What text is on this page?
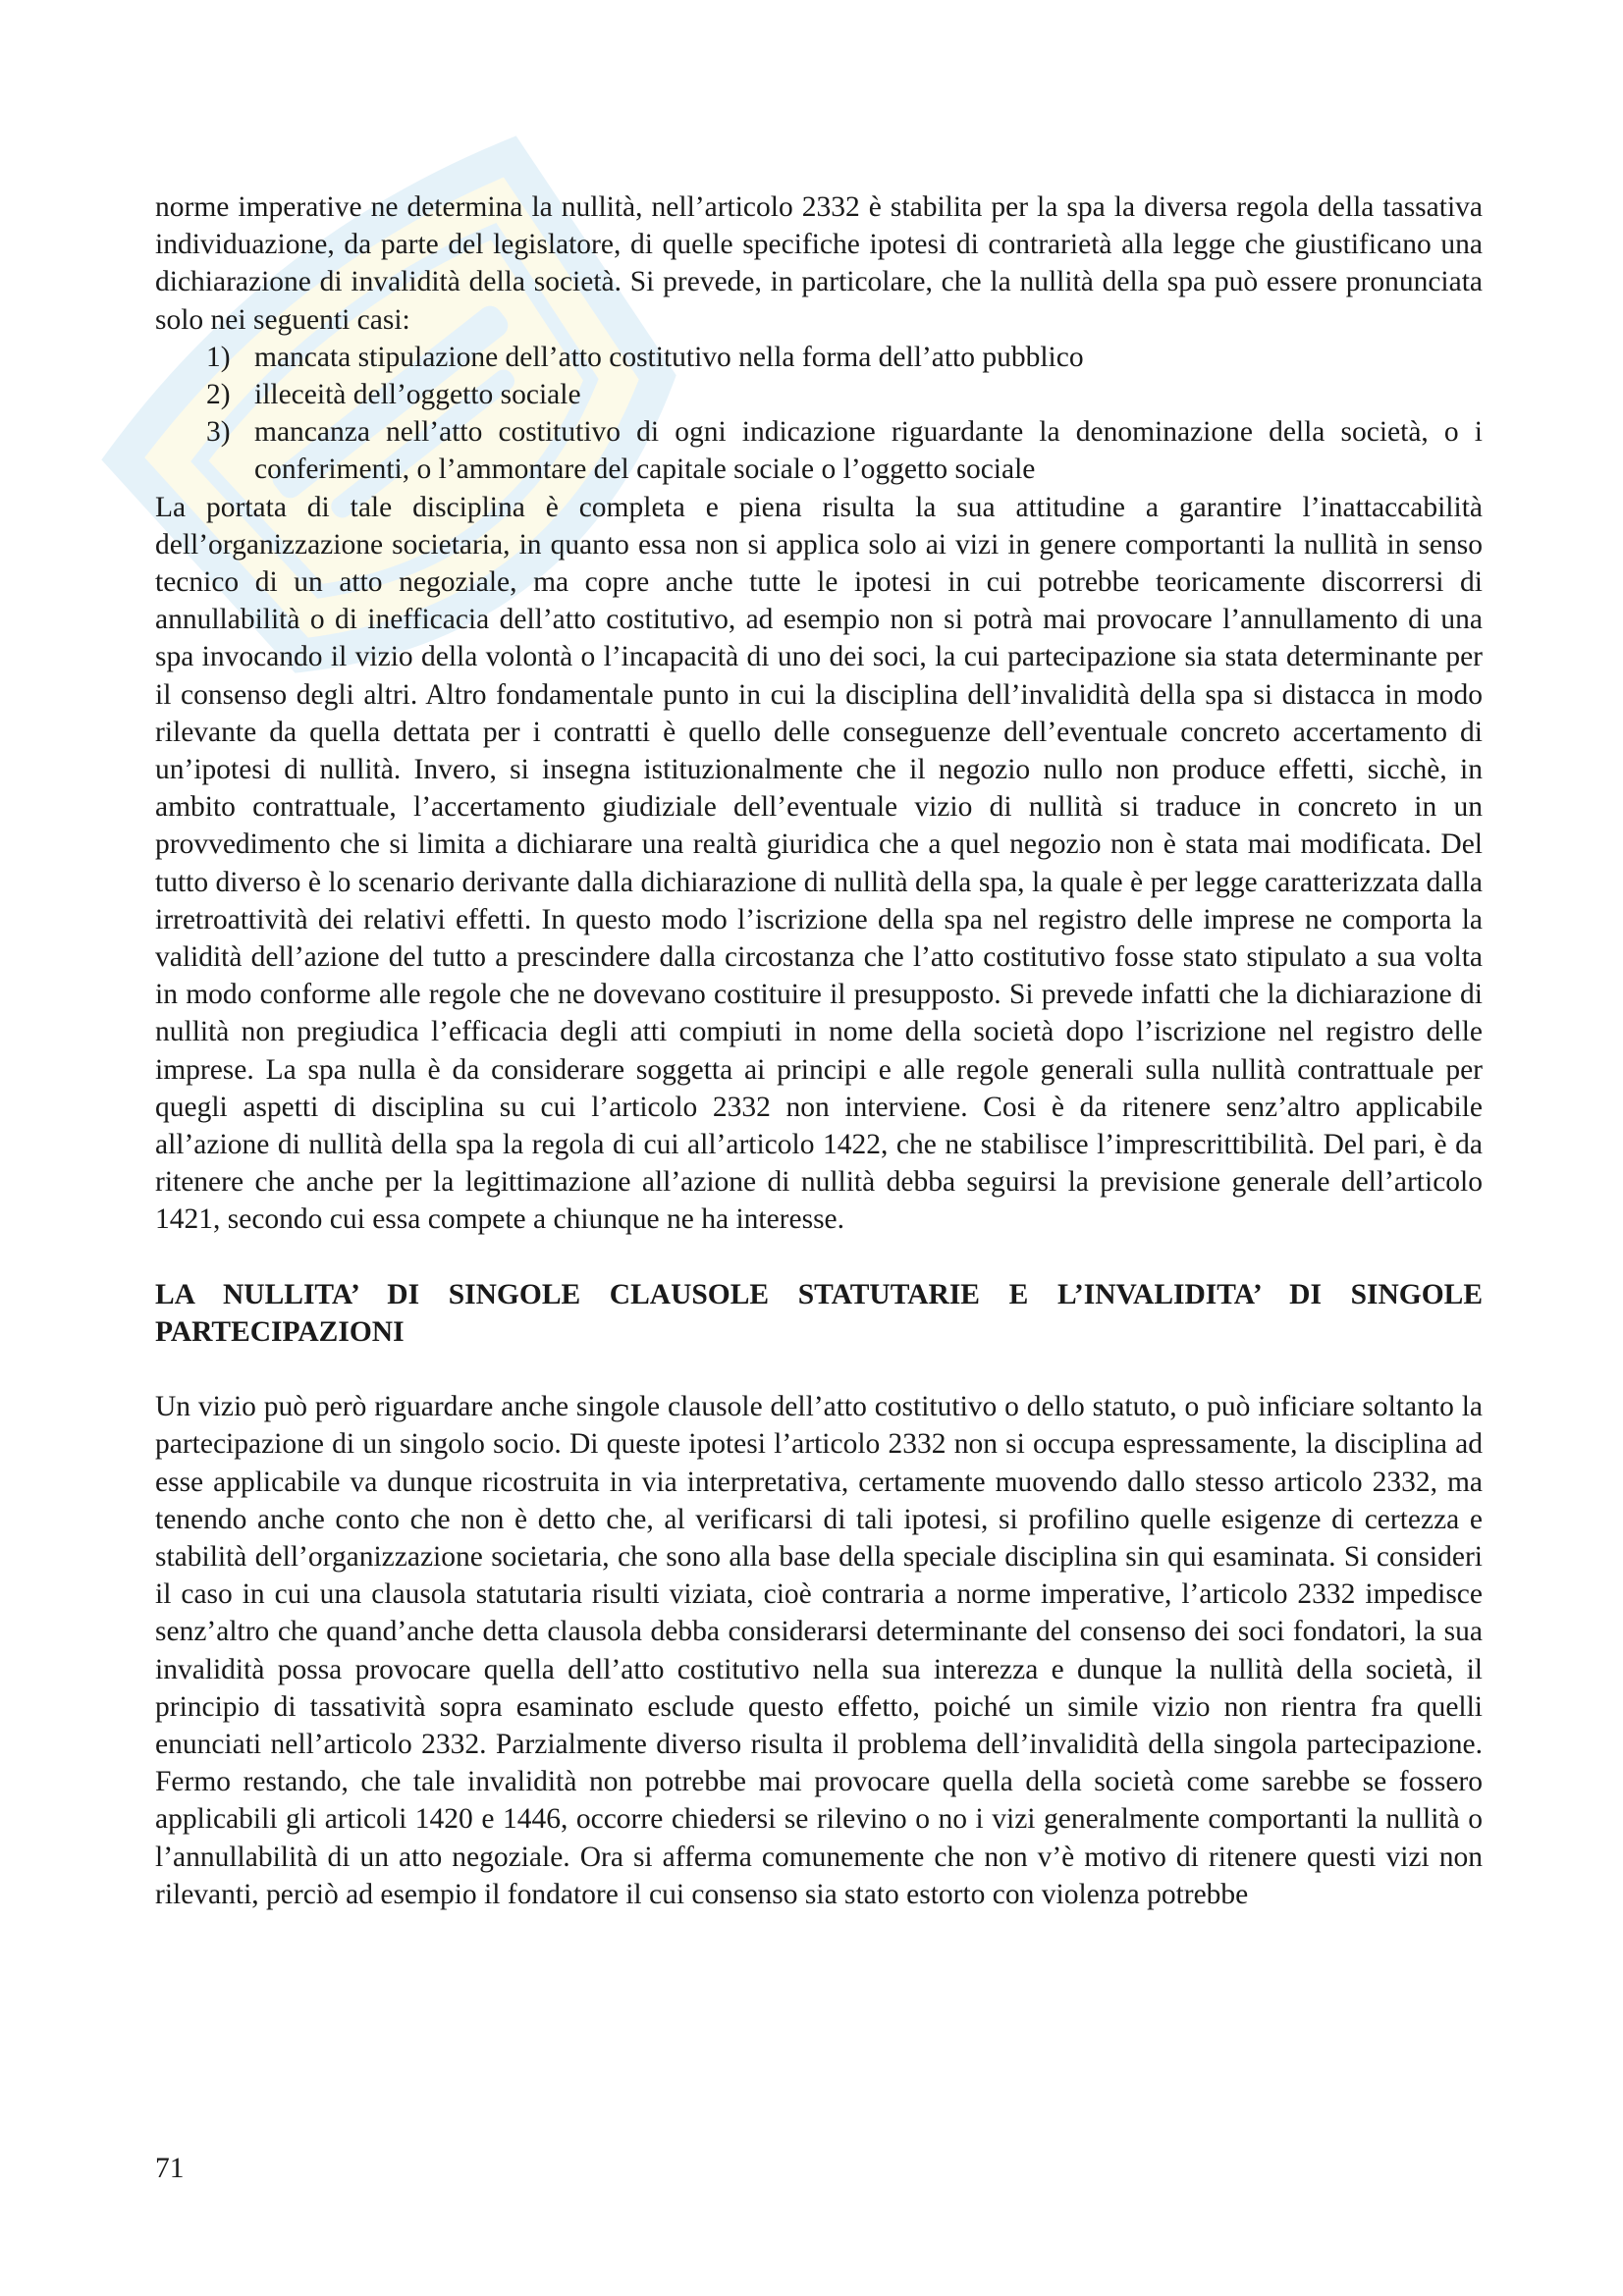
norme imperative ne determina la nullità, nell’articolo 2332 è stabilita per la spa la diversa regola della tassativa individuazione, da parte del legislatore, di quelle specifiche ipotesi di contrarietà alla legge che giustificano una dichiarazione di invalidità della società. Si prevede, in particolare, che la nullità della spa può essere pronunciata solo nei seguenti casi:

1) mancata stipulazione dell’atto costitutivo nella forma dell’atto pubblico
2) illeceità dell’oggetto sociale
3) mancanza nell’atto costitutivo di ogni indicazione riguardante la denominazione della società, o i conferimenti, o l’ammontare del capitale sociale o l’oggetto sociale

La portata di tale disciplina è completa e piena risulta la sua attitudine a garantire l’inattaccabilità dell’organizzazione societaria, in quanto essa non si applica solo ai vizi in genere comportanti la nullità in senso tecnico di un atto negoziale, ma copre anche tutte le ipotesi in cui potrebbe teoricamente discorrersi di annullabilità o di inefficacia dell’atto costitutivo, ad esempio non si potrà mai provocare l’annullamento di una spa invocando il vizio della volontà o l’incapacità di uno dei soci, la cui partecipazione sia stata determinante per il consenso degli altri. Altro fondamentale punto in cui la disciplina dell’invalidità della spa si distacca in modo rilevante da quella dettata per i contratti è quello delle conseguenze dell’eventuale concreto accertamento di un’ipotesi di nullità. Invero, si insegna istituzionalmente che il negozio nullo non produce effetti, sicchè, in ambito contrattuale, l’accertamento giudiziale dell’eventuale vizio di nullità si traduce in concreto in un provvedimento che si limita a dichiarare una realtà giuridica che a quel negozio non è stata mai modificata. Del tutto diverso è lo scenario derivante dalla dichiarazione di nullità della spa, la quale è per legge caratterizzata dalla irretroattività dei relativi effetti. In questo modo l’iscrizione della spa nel registro delle imprese ne comporta la validità dell’azione del tutto a prescindere dalla circostanza che l’atto costitutivo fosse stato stipulato a sua volta in modo conforme alle regole che ne dovevano costituire il presupposto. Si prevede infatti che la dichiarazione di nullità non pregiudica l’efficacia degli atti compiuti in nome della società dopo l’iscrizione nel registro delle imprese. La spa nulla è da considerare soggetta ai principi e alle regole generali sulla nullità contrattuale per quegli aspetti di disciplina su cui l’articolo 2332 non interviene. Cosi è da ritenere senz’altro applicabile all’azione di nullità della spa la regola di cui all’articolo 1422, che ne stabilisce l’imprescrittibilità. Del pari, è da ritenere che anche per la legittimazione all’azione di nullità debba seguirsi la previsione generale dell’articolo 1421, secondo cui essa compete a chiunque ne ha interesse.

LA NULLITA’ DI SINGOLE CLAUSOLE STATUTARIE E L’INVALIDITA’ DI SINGOLE PARTECIPAZIONI

Un vizio può però riguardare anche singole clausole dell’atto costitutivo o dello statuto, o può inficiare soltanto la partecipazione di un singolo socio. Di queste ipotesi l’articolo 2332 non si occupa espressamente, la disciplina ad esse applicabile va dunque ricostruita in via interpretativa, certamente muovendo dallo stesso articolo 2332, ma tenendo anche conto che non è detto che, al verificarsi di tali ipotesi, si profilino quelle esigenze di certezza e stabilità dell’organizzazione societaria, che sono alla base della speciale disciplina sin qui esaminata. Si consideri il caso in cui una clausola statutaria risulti viziata, cioè contraria a norme imperative, l’articolo 2332 impedisce senz’altro che quand’anche detta clausola debba considerarsi determinante del consenso dei soci fondatori, la sua invalidità possa provocare quella dell’atto costitutivo nella sua interezza e dunque la nullità della società, il principio di tassatività sopra esaminato esclude questo effetto, poiché un simile vizio non rientra fra quelli enunciati nell’articolo 2332. Parzialmente diverso risulta il problema dell’invalidità della singola partecipazione. Fermo restando, che tale invalidità non potrebbe mai provocare quella della società come sarebbe se fossero applicabili gli articoli 1420 e 1446, occorre chiedersi se rilevino o no i vizi generalmente comportanti la nullità o l’annullabilità di un atto negoziale. Ora si afferma comunemente che non v’è motivo di ritenere questi vizi non rilevanti, perciò ad esempio il fondatore il cui consenso sia stato estorto con violenza potrebbe

71
